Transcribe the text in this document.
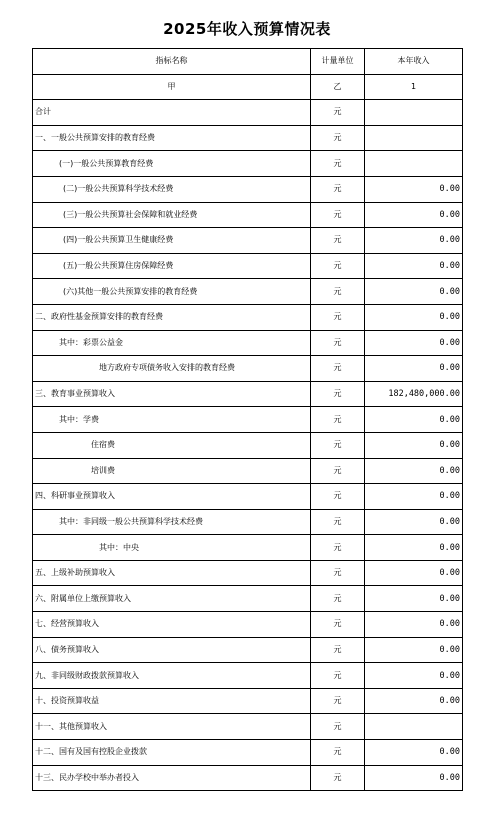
2025年收入预算情况表
指标名称	计量单位	本年收入
甲	乙	1
合计	元	
一、一般公共预算安排的教育经费	元	
(一)一般公共预算教育经费	元	
(二)一般公共预算科学技术经费	元	0.00
(三)一般公共预算社会保障和就业经费	元	0.00
(四)一般公共预算卫生健康经费	元	0.00
(五)一般公共预算住房保障经费	元	0.00
(六)其他一般公共预算安排的教育经费	元	0.00
二、政府性基金预算安排的教育经费	元	0.00
其中：彩票公益金	元	0.00
地方政府专项债务收入安排的教育经费	元	0.00
三、教育事业预算收入	元	182,480,000.00
其中：学费	元	0.00
住宿费	元	0.00
培训费	元	0.00
四、科研事业预算收入	元	0.00
其中：非同级一般公共预算科学技术经费	元	0.00
其中：中央	元	0.00
五、上级补助预算收入	元	0.00
六、附属单位上缴预算收入	元	0.00
七、经营预算收入	元	0.00
八、债务预算收入	元	0.00
九、非同级财政拨款预算收入	元	0.00
十、投资预算收益	元	0.00
十一、其他预算收入	元	
十二、国有及国有控股企业拨款	元	0.00
十三、民办学校中举办者投入	元	0.00
